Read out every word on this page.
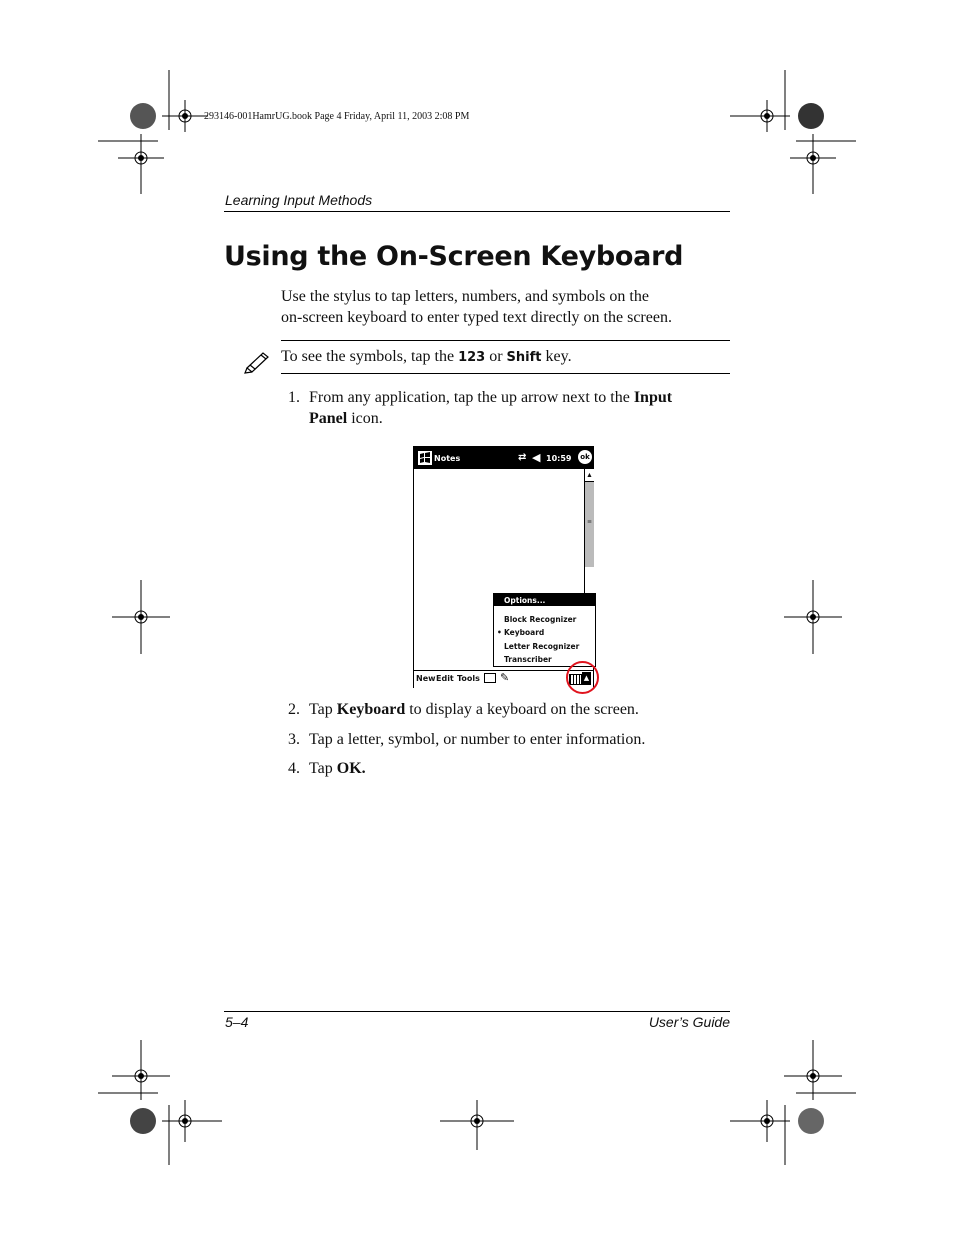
293146-001HamrUG.book Page 4 Friday, April 11, 2003 2:08 PM
Learning Input Methods
Using the On-Screen Keyboard
Use the stylus to tap letters, numbers, and symbols on the
on-screen keyboard to enter typed text directly on the screen.
To see the symbols, tap the 123 or Shift key.
1. From any application, tap the up arrow next to the Input
Panel icon.
Notes	⇄ ◀ 10:59	ok
▲
≡
Options...
Block Recognizer
• Keyboard
Letter Recognizer
Transcriber
New Edit Tools ✎	▲
2. Tap Keyboard to display a keyboard on the screen.
3. Tap a letter, symbol, or number to enter information.
4. Tap OK.
5–4	User’s Guide
